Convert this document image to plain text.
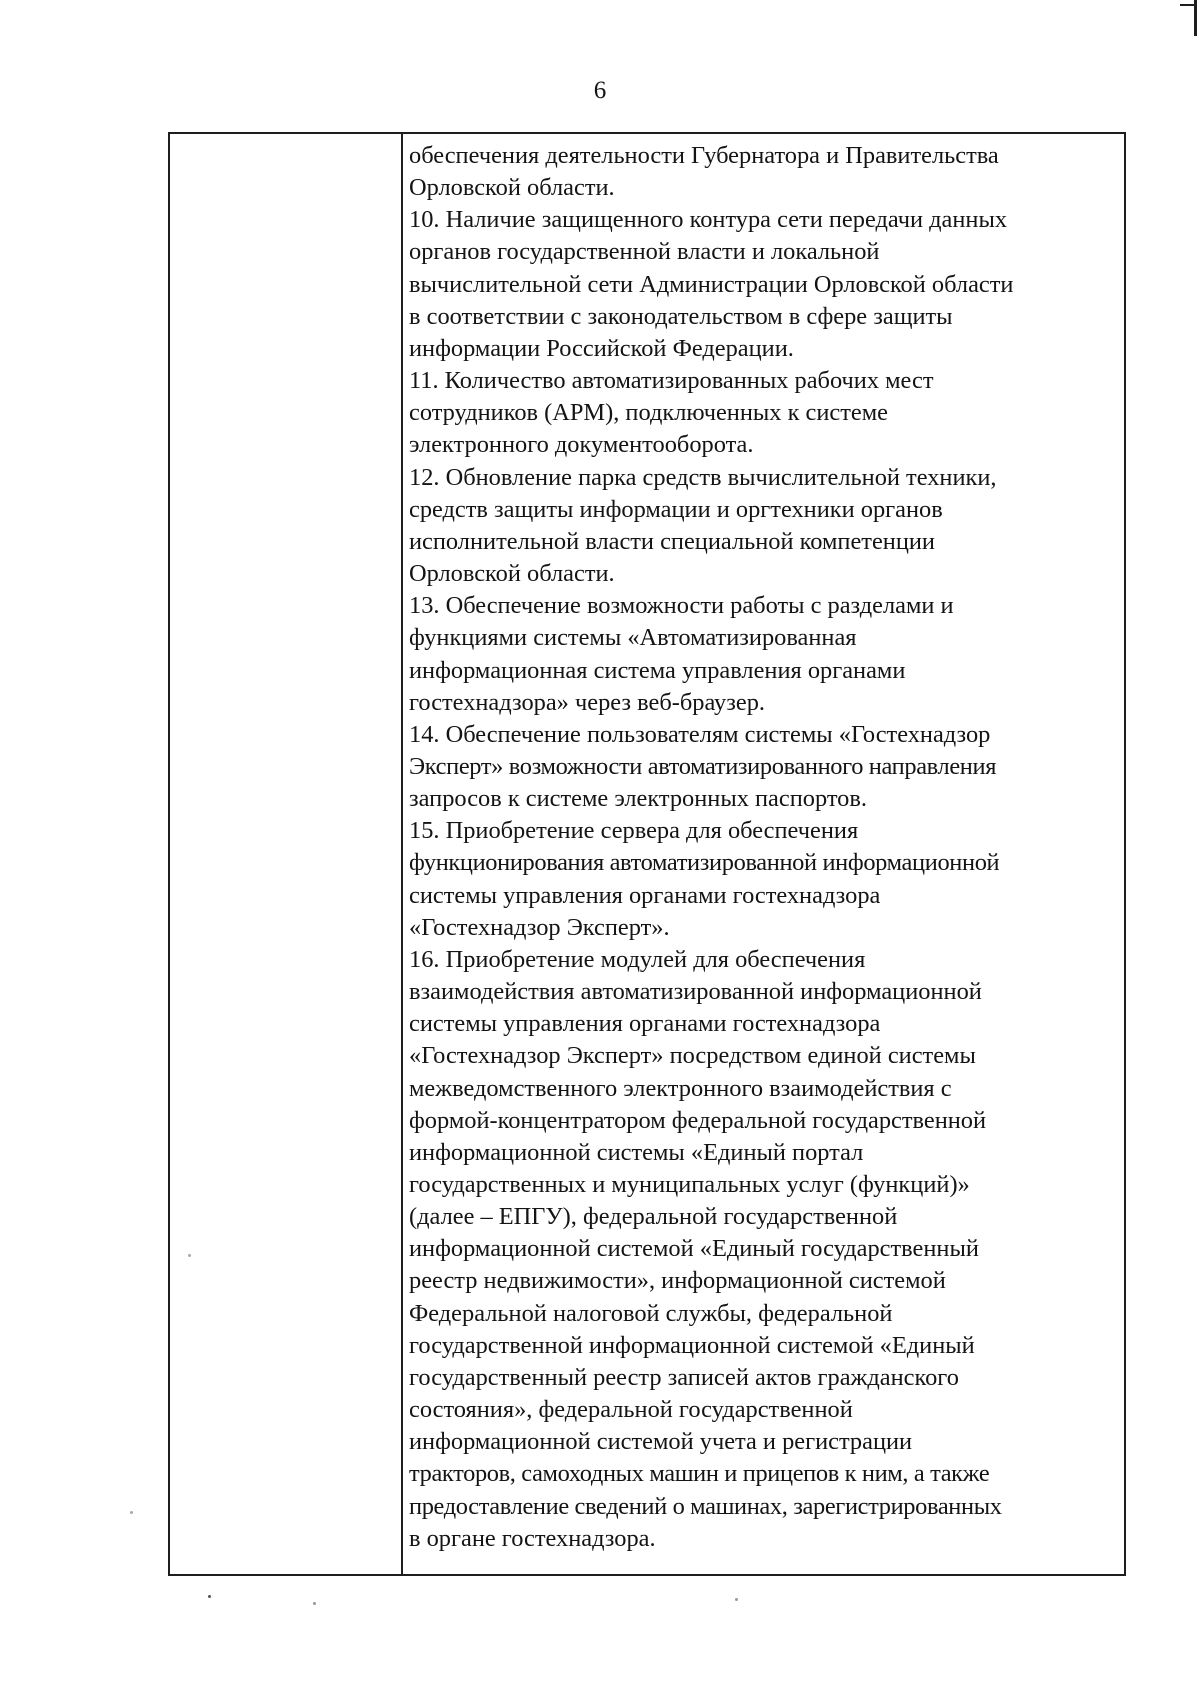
6
обеспечения деятельности Губернатора и Правительства
Орловской области.
10. Наличие защищенного контура сети передачи данных
органов государственной власти и локальной
вычислительной сети Администрации Орловской области
в соответствии с законодательством в сфере защиты
информации Российской Федерации.
11. Количество автоматизированных рабочих мест
сотрудников (АРМ), подключенных к системе
электронного документооборота.
12. Обновление парка средств вычислительной техники,
средств защиты информации и оргтехники органов
исполнительной власти специальной компетенции
Орловской области.
13. Обеспечение возможности работы с разделами и
функциями системы «Автоматизированная
информационная система управления органами
гостехнадзора» через веб-браузер.
14. Обеспечение пользователям системы «Гостехнадзор
Эксперт» возможности автоматизированного направления
запросов к системе электронных паспортов.
15. Приобретение сервера для обеспечения
функционирования автоматизированной информационной
системы управления органами гостехнадзора
«Гостехнадзор Эксперт».
16. Приобретение модулей для обеспечения
взаимодействия автоматизированной информационной
системы управления органами гостехнадзора
«Гостехнадзор Эксперт» посредством единой системы
межведомственного электронного взаимодействия с
формой-концентратором федеральной государственной
информационной системы «Единый портал
государственных и муниципальных услуг (функций)»
(далее – ЕПГУ), федеральной государственной
информационной системой «Единый государственный
реестр недвижимости», информационной системой
Федеральной налоговой службы, федеральной
государственной информационной системой «Единый
государственный реестр записей актов гражданского
состояния», федеральной государственной
информационной системой учета и регистрации
тракторов, самоходных машин и прицепов к ним, а также
предоставление сведений о машинах, зарегистрированных
в органе гостехнадзора.
